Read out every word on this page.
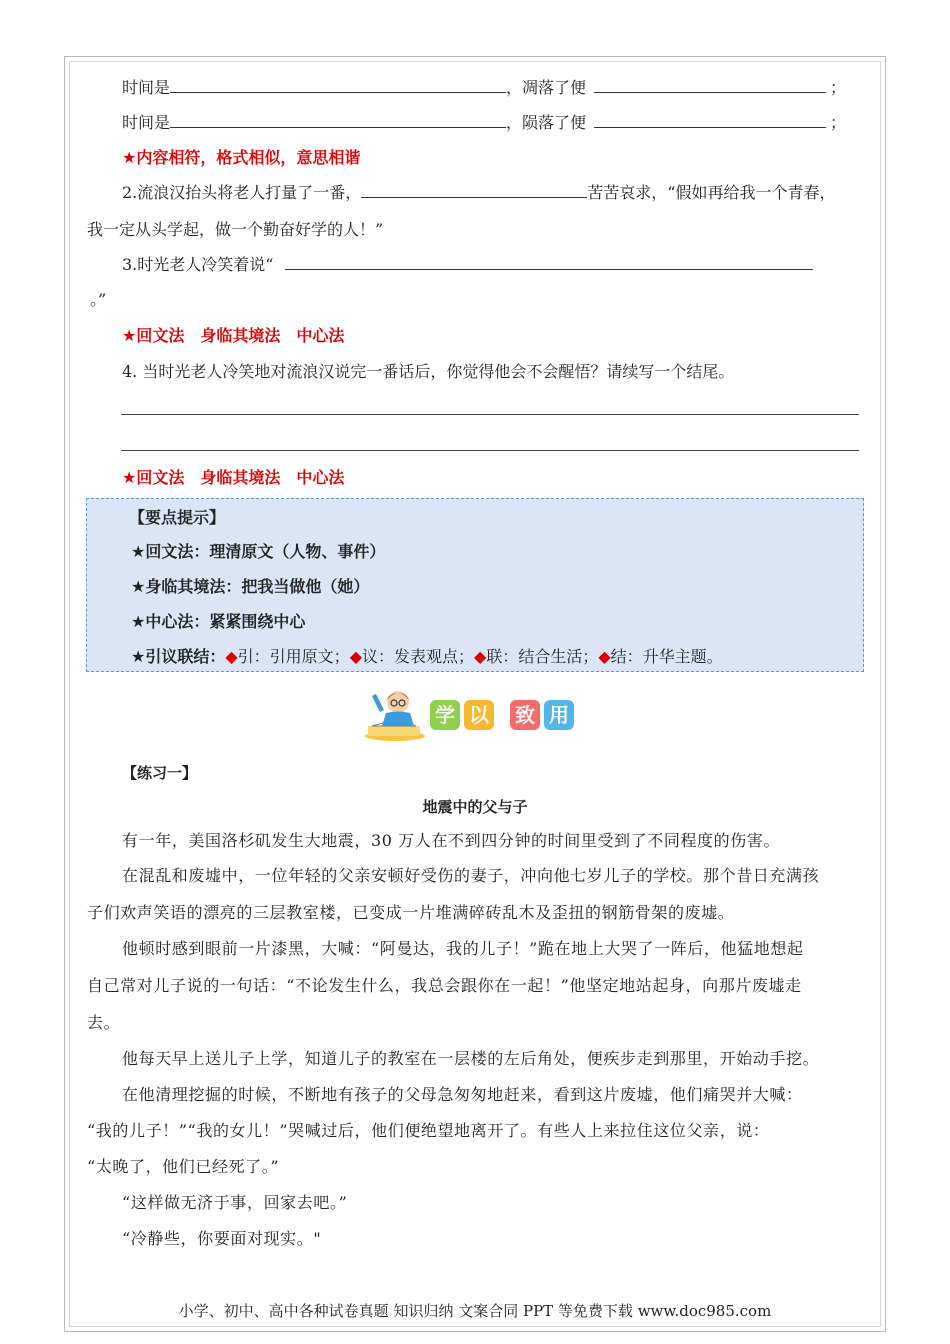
时间是	，凋落了便	；
时间是	，陨落了便	；
★内容相符，格式相似，意思相谐
2.流浪汉抬头将老人打量了一番，	苦苦哀求，“假如再给我一个青春，
我一定从头学起，做一个勤奋好学的人！”
3.时光老人冷笑着说“
。”
★回文法　身临其境法　中心法
4. 当时光老人冷笑地对流浪汉说完一番话后，你觉得他会不会醒悟？请续写一个结尾。
★回文法　身临其境法　中心法
【要点提示】
★回文法：理清原文（人物、事件）
★身临其境法：把我当做他（她）
★中心法：紧紧围绕中心
★引议联结：◆引：引用原文；◆议：发表观点；◆联：结合生活；◆结：升华主题。
学 以 致 用
【练习一】
地震中的父与子
有一年，美国洛杉矶发生大地震，30 万人在不到四分钟的时间里受到了不同程度的伤害。
在混乱和废墟中，一位年轻的父亲安顿好受伤的妻子，冲向他七岁儿子的学校。那个昔日充满孩
子们欢声笑语的漂亮的三层教室楼，已变成一片堆满碎砖乱木及歪扭的钢筋骨架的废墟。
他顿时感到眼前一片漆黑，大喊：“阿曼达，我的儿子！”跪在地上大哭了一阵后，他猛地想起
自己常对儿子说的一句话：“不论发生什么，我总会跟你在一起！”他坚定地站起身，向那片废墟走
去。
他每天早上送儿子上学，知道儿子的教室在一层楼的左后角处，便疾步走到那里，开始动手挖。
在他清理挖掘的时候，不断地有孩子的父母急匆匆地赶来，看到这片废墟，他们痛哭并大喊：
“我的儿子！”“我的女儿！”哭喊过后，他们便绝望地离开了。有些人上来拉住这位父亲，说：
“太晚了，他们已经死了。”
“这样做无济于事，回家去吧。”
“冷静些，你要面对现实。"
小学、初中、高中各种试卷真题 知识归纳 文案合同 PPT 等免费下载 www.doc985.com
